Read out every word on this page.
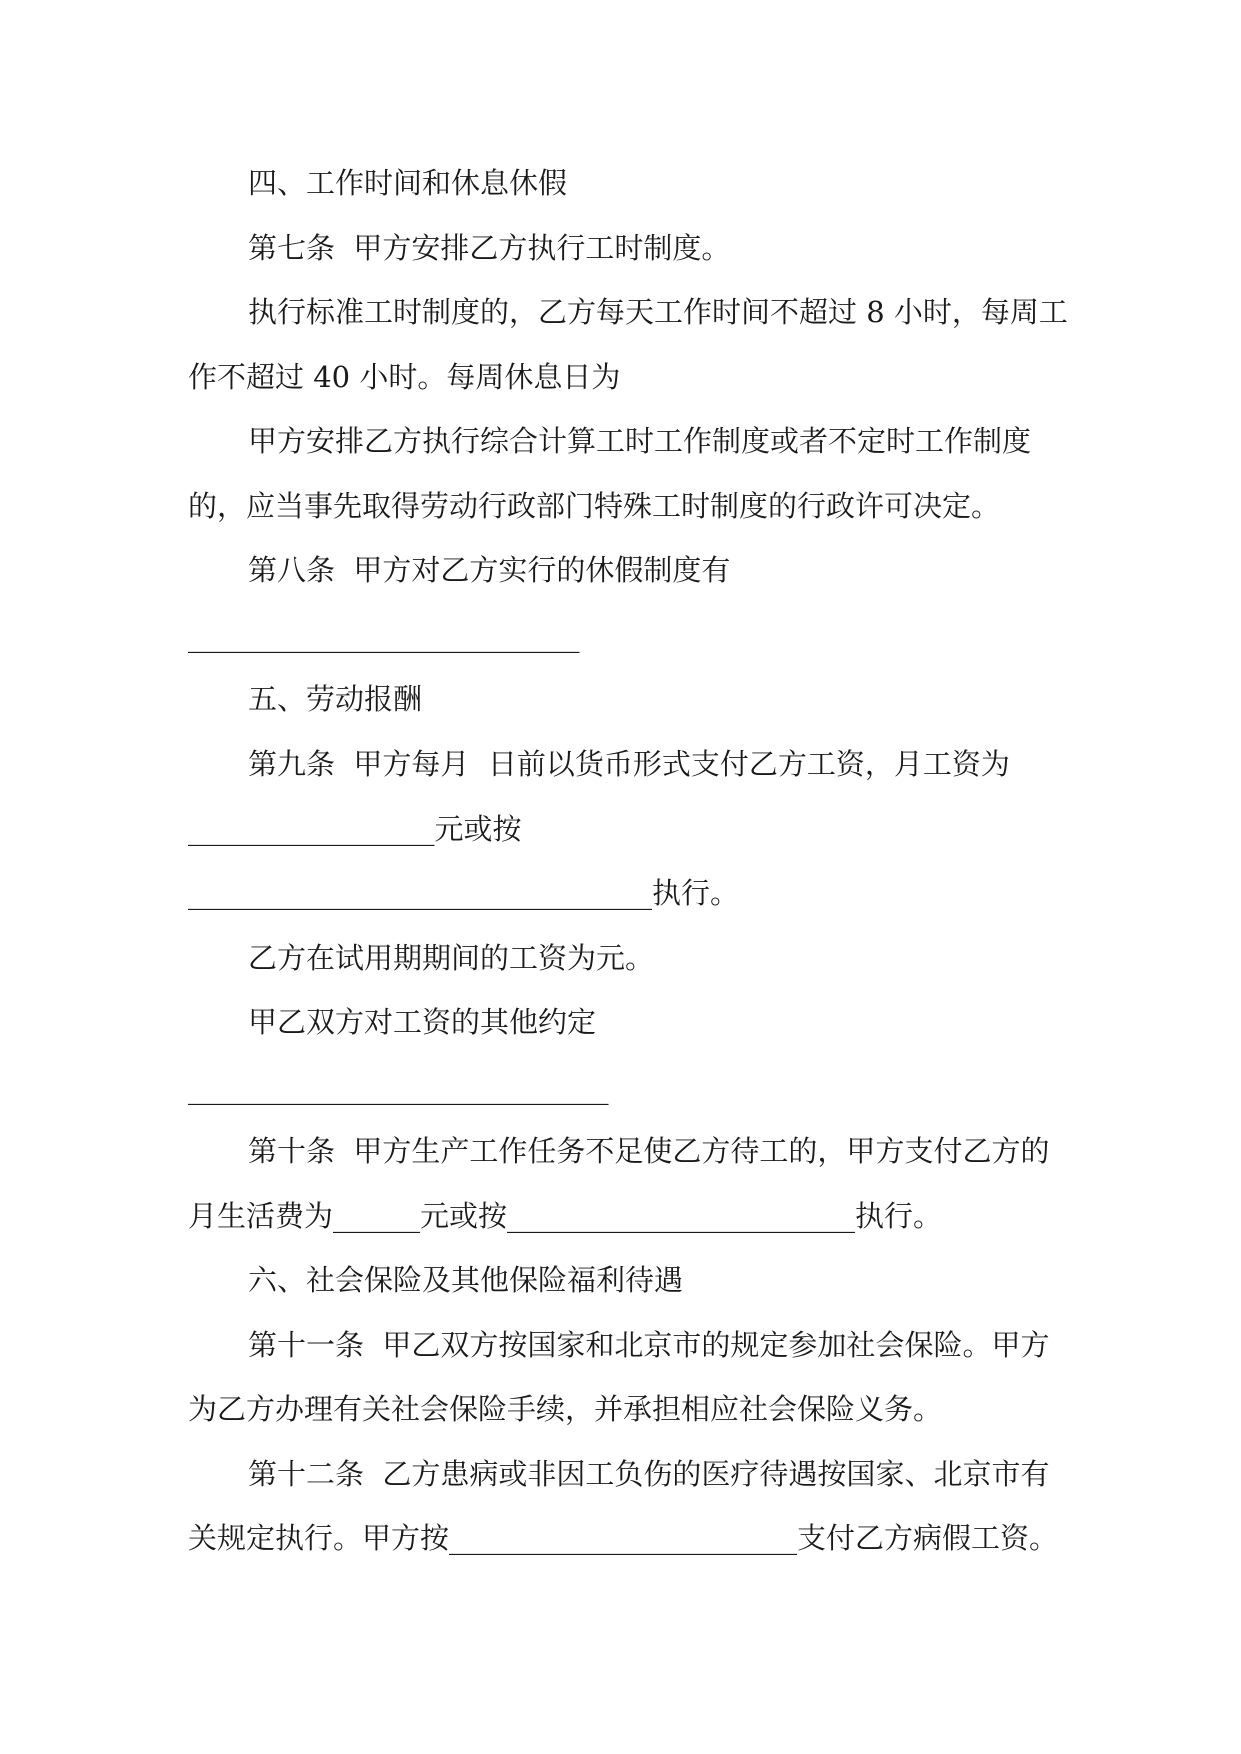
四、工作时间和休息休假

第七条  甲方安排乙方执行工时制度。

执行标准工时制度的，乙方每天工作时间不超过 8 小时，每周工

作不超过 40 小时。每周休息日为

甲方安排乙方执行综合计算工时工作制度或者不定时工作制度

的，应当事先取得劳动行政部门特殊工时制度的行政许可决定。

第八条  甲方对乙方实行的休假制度有

___________________________

五、劳动报酬

第九条  甲方每月  日前以货币形式支付乙方工资，月工资为

_________________元或按

________________________________执行。

乙方在试用期期间的工资为元。

甲乙双方对工资的其他约定

_____________________________

第十条  甲方生产工作任务不足使乙方待工的，甲方支付乙方的

月生活费为______元或按________________________执行。

六、社会保险及其他保险福利待遇

第十一条  甲乙双方按国家和北京市的规定参加社会保险。甲方

为乙方办理有关社会保险手续，并承担相应社会保险义务。

第十二条  乙方患病或非因工负伤的医疗待遇按国家、北京市有

关规定执行。甲方按________________________支付乙方病假工资。
